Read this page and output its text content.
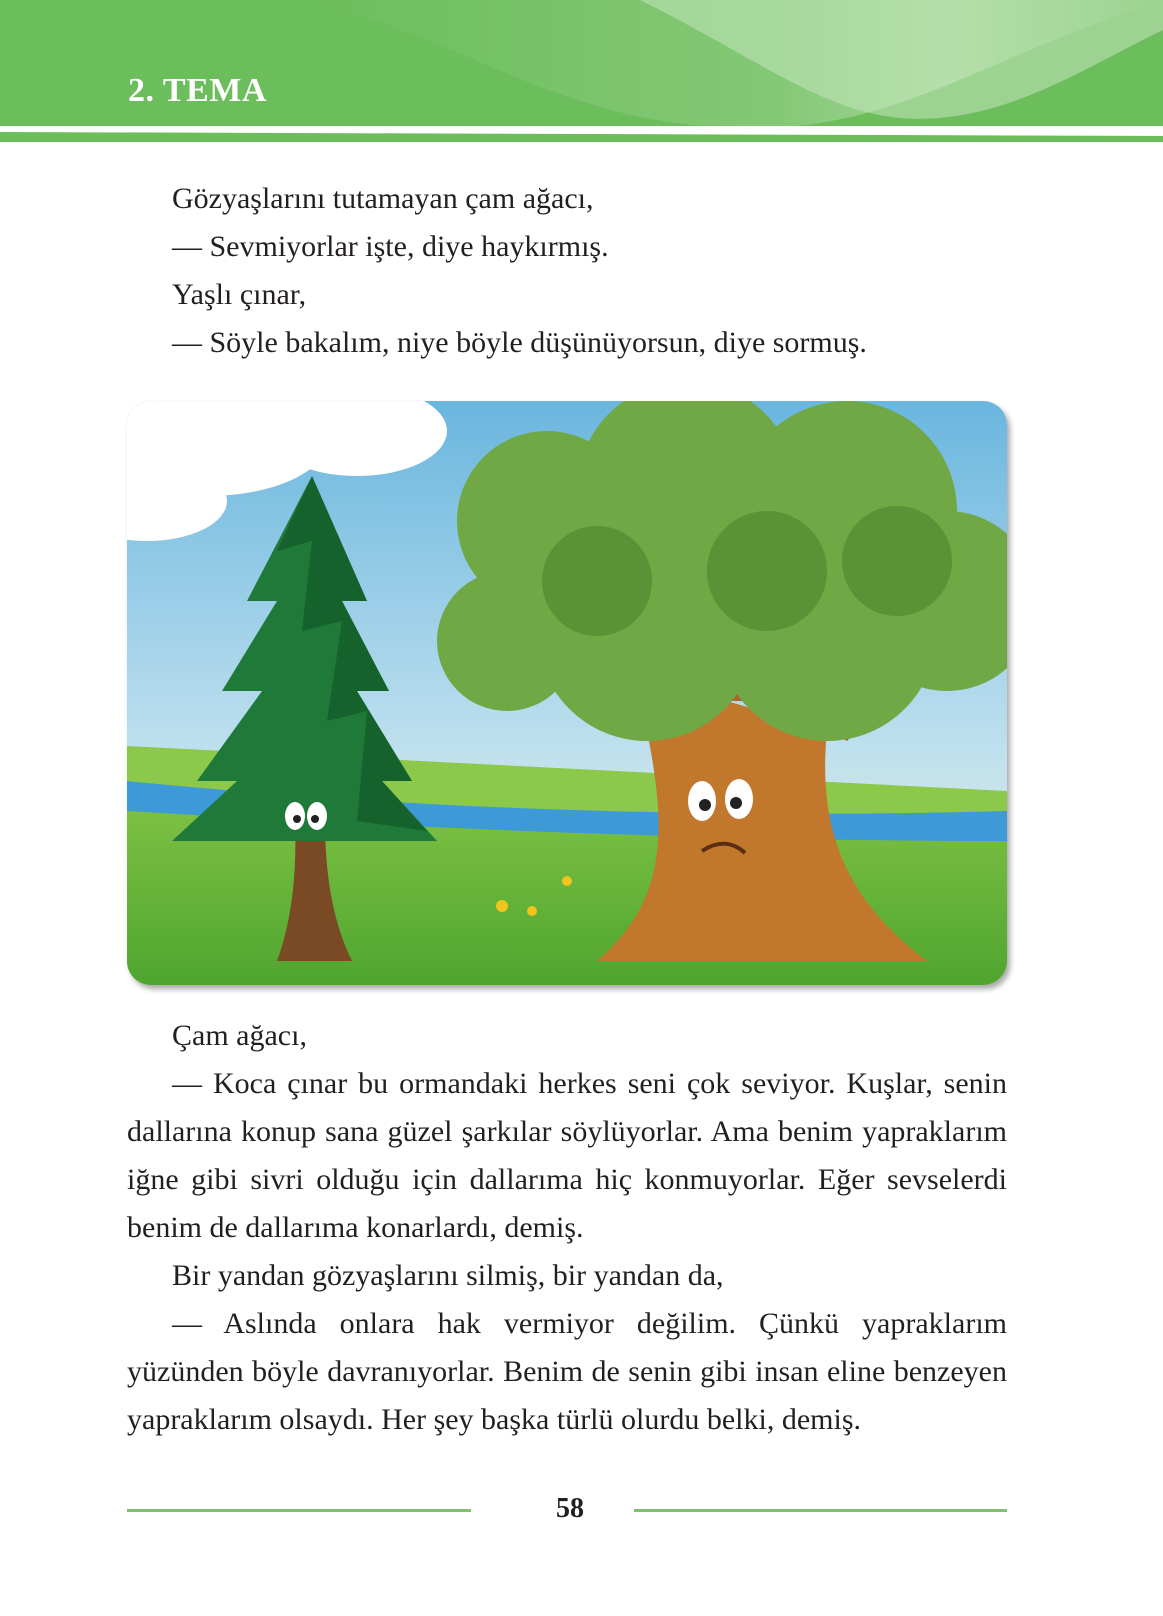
2. TEMA
Gözyaşlarını tutamayan çam ağacı,
— Sevmiyorlar işte, diye haykırmış.
Yaşlı çınar,
— Söyle bakalım, niye böyle düşünüyorsun, diye sormuş.

Çam ağacı,

— Koca çınar bu ormandaki herkes seni çok seviyor. Kuşlar, senin dallarına konup sana güzel şarkılar söylüyorlar. Ama benim yapraklarım iğne gibi sivri olduğu için dallarıma hiç konmuyorlar. Eğer sevselerdi benim de dallarıma konarlardı, demiş.

Bir yandan gözyaşlarını silmiş, bir yandan da,

— Aslında onlara hak vermiyor değilim. Çünkü yapraklarım yüzünden böyle davranıyorlar. Benim de senin gibi insan eline benzeyen yapraklarım olsaydı. Her şey başka türlü olurdu belki, demiş.

58
